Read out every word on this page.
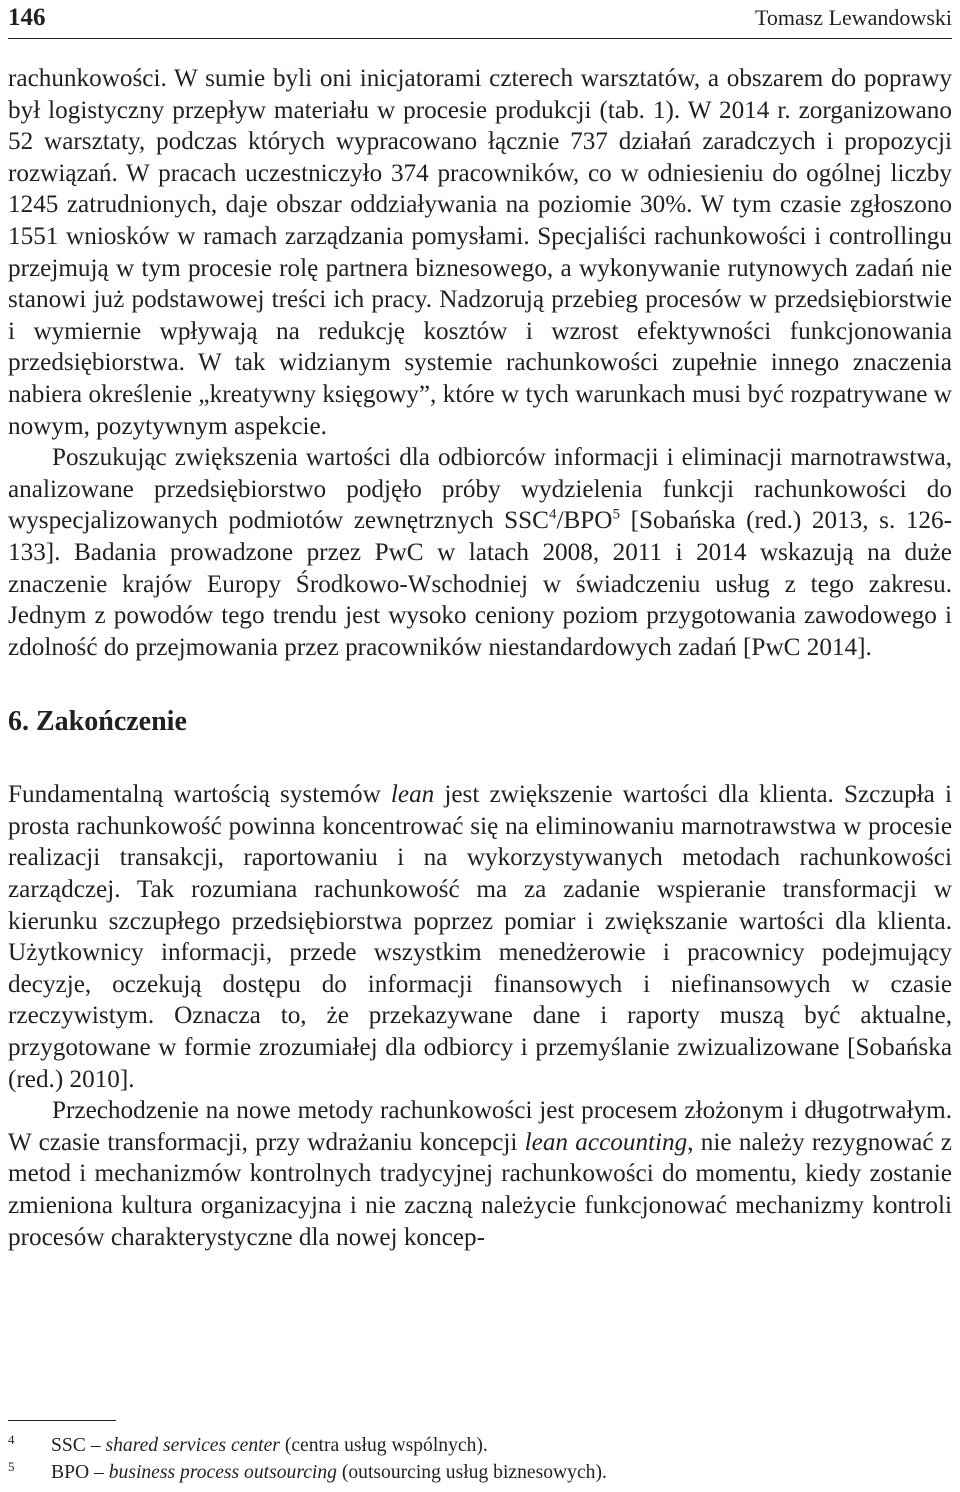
146	Tomasz Lewandowski

rachunkowości. W sumie byli oni inicjatorami czterech warsztatów, a obszarem do poprawy był logistyczny przepływ materiału w procesie produkcji (tab. 1). W 2014 r. zorganizowano 52 warsztaty, podczas których wypracowano łącznie 737 działań zaradczych i propozycji rozwiązań. W pracach uczestniczyło 374 pracowników, co w odniesieniu do ogólnej liczby 1245 zatrudnionych, daje obszar oddziaływania na poziomie 30%. W tym czasie zgłoszono 1551 wniosków w ramach zarządzania pomysłami. Specjaliści rachunkowości i controllingu przejmują w tym procesie rolę partnera biznesowego, a wykonywanie rutynowych zadań nie stanowi już podstawowej treści ich pracy. Nadzorują przebieg procesów w przedsiębiorstwie i wymiernie wpływają na redukcję kosztów i wzrost efektywności funkcjonowania przedsiębiorstwa. W tak widzianym systemie rachunkowości zupełnie innego znaczenia nabiera określenie „kreatywny księgowy”, które w tych warunkach musi być rozpatrywane w nowym, pozytywnym aspekcie.

Poszukując zwiększenia wartości dla odbiorców informacji i eliminacji marnotrawstwa, analizowane przedsiębiorstwo podjęło próby wydzielenia funkcji rachunkowości do wyspecjalizowanych podmiotów zewnętrznych SSC$^4$/BPO$^5$ [Sobańska (red.) 2013, s. 126-133]. Badania prowadzone przez PwC w latach 2008, 2011 i 2014 wskazują na duże znaczenie krajów Europy Środkowo-Wschodniej w świadczeniu usług z tego zakresu. Jednym z powodów tego trendu jest wysoko ceniony poziom przygotowania zawodowego i zdolność do przejmowania przez pracowników niestandardowych zadań [PwC 2014].

6. Zakończenie

Fundamentalną wartością systemów lean jest zwiększenie wartości dla klienta. Szczupła i prosta rachunkowość powinna koncentrować się na eliminowaniu marnotrawstwa w procesie realizacji transakcji, raportowaniu i na wykorzystywanych metodach rachunkowości zarządczej. Tak rozumiana rachunkowość ma za zadanie wspieranie transformacji w kierunku szczupłego przedsiębiorstwa poprzez pomiar i zwiększanie wartości dla klienta. Użytkownicy informacji, przede wszystkim menedżerowie i pracownicy podejmujący decyzje, oczekują dostępu do informacji finansowych i niefinansowych w czasie rzeczywistym. Oznacza to, że przekazywane dane i raporty muszą być aktualne, przygotowane w formie zrozumiałej dla odbiorcy i przemyślanie zwizualizowane [Sobańska (red.) 2010].

Przechodzenie na nowe metody rachunkowości jest procesem złożonym i długotrwałym. W czasie transformacji, przy wdrażaniu koncepcji lean accounting, nie należy rezygnować z metod i mechanizmów kontrolnych tradycyjnej rachunkowości do momentu, kiedy zostanie zmieniona kultura organizacyjna i nie zaczną należycie funkcjonować mechanizmy kontroli procesów charakterystyczne dla nowej koncep-

4 SSC – shared services center (centra usług wspólnych).
5 BPO – business process outsourcing (outsourcing usług biznesowych).
